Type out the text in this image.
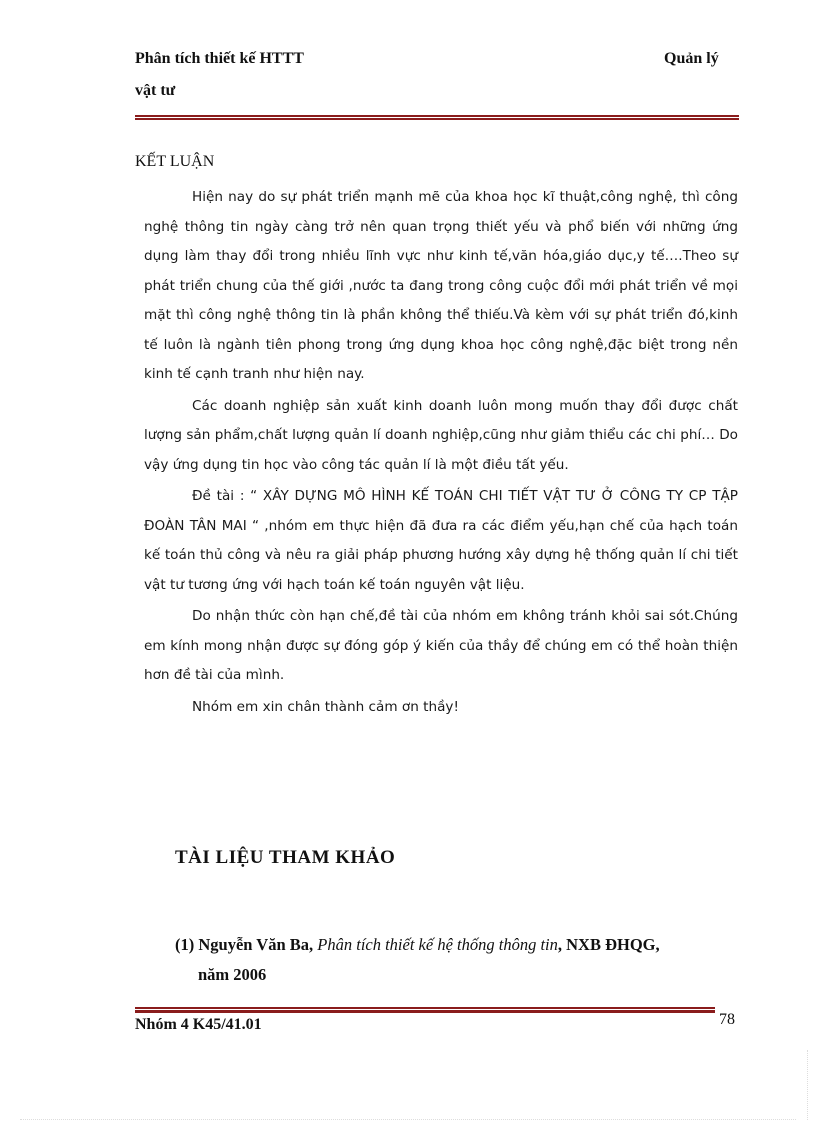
Phân tích thiết kế HTTT
vật tư
Quản lý
KẾT LUẬN

Hiện nay do sự phát triển mạnh mẽ của khoa học kĩ thuật,công nghệ, thì công nghệ thông tin ngày càng trở nên quan trọng thiết yếu và phổ biến với những ứng dụng làm thay đổi trong nhiều lĩnh vực như kinh tế,văn hóa,giáo dục,y tế….Theo sự phát triển chung của thế giới ,nước ta đang trong công cuộc đổi mới phát triển về mọi mặt thì công nghệ thông tin là phần không thể thiếu.Và kèm với sự phát triển đó,kinh tế luôn là ngành tiên phong trong ứng dụng khoa học công nghệ,đặc biệt trong nền kinh tế cạnh tranh như hiện nay.

Các doanh nghiệp sản xuất kinh doanh luôn mong muốn thay đổi được chất lượng sản phẩm,chất lượng quản lí doanh nghiệp,cũng như giảm thiểu các chi phí… Do vậy ứng dụng tin học vào công tác quản lí là một điều tất yếu.

Đề tài : “ XÂY DỰNG MÔ HÌNH KẾ TOÁN CHI TIẾT VẬT TƯ Ở CÔNG TY CP TẬP ĐOÀN TÂN MAI “ ,nhóm em thực hiện đã đưa ra các điểm yếu,hạn chế của hạch toán kế toán thủ công và nêu ra giải pháp phương hướng xây dựng hệ thống quản lí chi tiết vật tư tương ứng với hạch toán kế toán nguyên vật liệu.

Do nhận thức còn hạn chế,đề tài của nhóm em không tránh khỏi sai sót.Chúng em kính mong nhận được sự đóng góp ý kiến của thầy để chúng em có thể hoàn thiện hơn đề tài của mình.

Nhóm em xin chân thành cảm ơn thầy!

TÀI LIỆU THAM KHẢO
(1) Nguyễn Văn Ba, Phân tích thiết kế hệ thống thông tin, NXB ĐHQG,
năm 2006
Nhóm 4 K45/41.01	78
